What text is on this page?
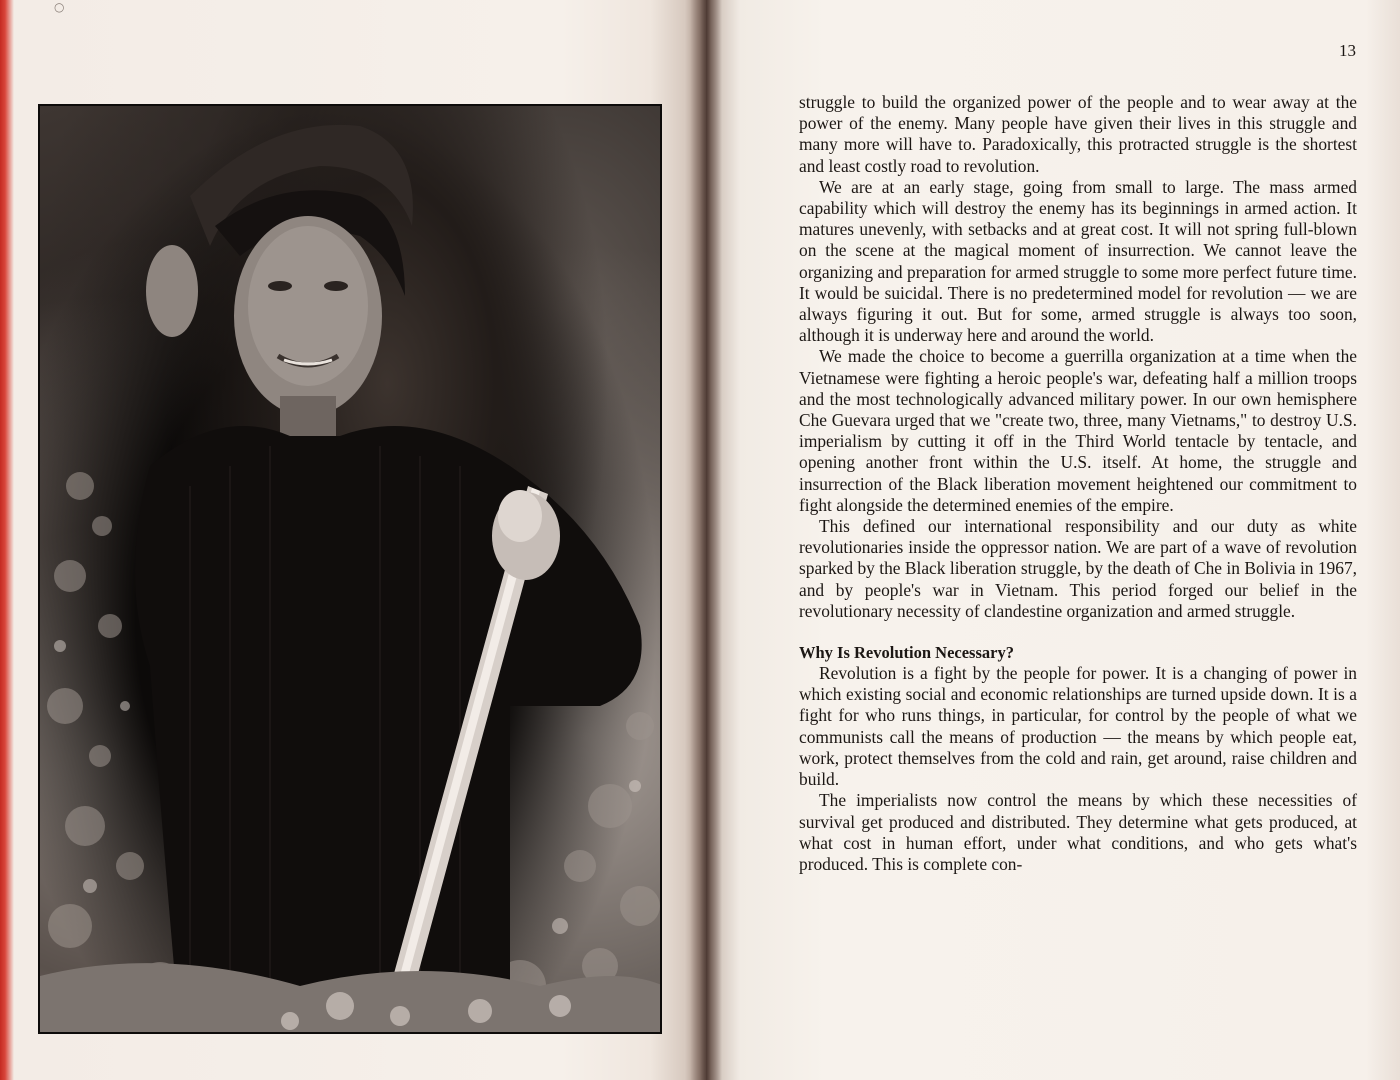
○
13

struggle to build the organized power of the people and to wear away at the power of the enemy. Many people have given their lives in this struggle and many more will have to. Paradoxically, this protracted struggle is the shortest and least costly road to revolution.

We are at an early stage, going from small to large. The mass armed capability which will destroy the enemy has its beginnings in armed action. It matures unevenly, with setbacks and at great cost. It will not spring full-blown on the scene at the magical moment of insurrection. We cannot leave the organizing and preparation for armed struggle to some more perfect future time. It would be suicidal. There is no predetermined model for revolution — we are always figuring it out. But for some, armed struggle is always too soon, although it is underway here and around the world.

We made the choice to become a guerrilla organization at a time when the Vietnamese were fighting a heroic people's war, defeating half a million troops and the most technologically advanced military power. In our own hemisphere Che Guevara urged that we "create two, three, many Vietnams," to destroy U.S. imperialism by cutting it off in the Third World tentacle by tentacle, and opening another front within the U.S. itself. At home, the struggle and insurrection of the Black liberation movement heightened our commitment to fight alongside the determined enemies of the empire.

This defined our international responsibility and our duty as white revolutionaries inside the oppressor nation. We are part of a wave of revolution sparked by the Black liberation struggle, by the death of Che in Bolivia in 1967, and by people's war in Vietnam. This period forged our belief in the revolutionary necessity of clandestine organization and armed struggle.

Why Is Revolution Necessary?

Revolution is a fight by the people for power. It is a changing of power in which existing social and economic relationships are turned upside down. It is a fight for who runs things, in particular, for control by the people of what we communists call the means of production — the means by which people eat, work, protect themselves from the cold and rain, get around, raise children and build.

The imperialists now control the means by which these necessities of survival get produced and distributed. They determine what gets produced, at what cost in human effort, under what conditions, and who gets what's produced. This is complete con-
